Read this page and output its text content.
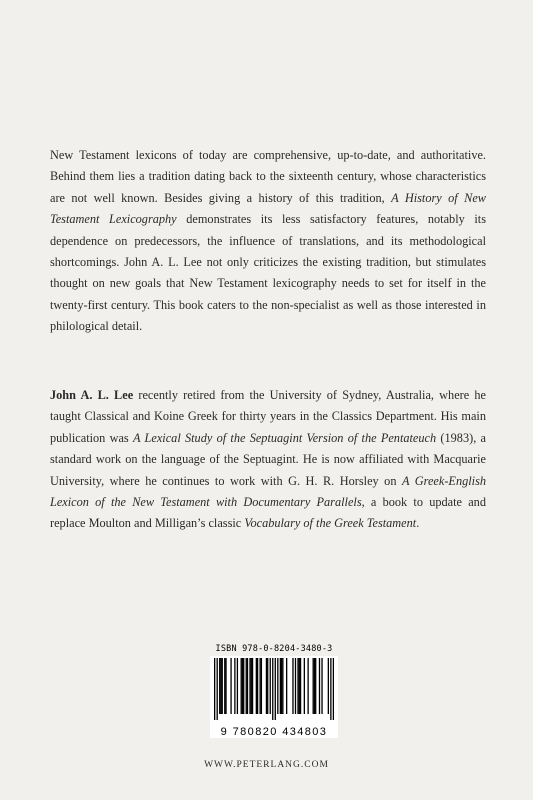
New Testament lexicons of today are comprehensive, up-to-date, and authoritative. Behind them lies a tradition dating back to the sixteenth century, whose characteristics are not well known. Besides giving a history of this tradition, A History of New Testament Lexicography demonstrates its less satisfactory features, notably its dependence on predecessors, the influence of translations, and its methodological shortcomings. John A. L. Lee not only criticizes the existing tradition, but stimulates thought on new goals that New Testament lexicography needs to set for itself in the twenty-first century. This book caters to the non-specialist as well as those interested in philological detail.

John A. L. Lee recently retired from the University of Sydney, Australia, where he taught Classical and Koine Greek for thirty years in the Classics Department. His main publication was A Lexical Study of the Septuagint Version of the Pentateuch (1983), a standard work on the language of the Septuagint. He is now affiliated with Macquarie University, where he continues to work with G. H. R. Horsley on A Greek-English Lexicon of the New Testament with Documentary Parallels, a book to update and replace Moulton and Milligan’s classic Vocabulary of the Greek Testament.

ISBN 978-0-8204-3480-3
9 780820 434803
WWW.PETERLANG.COM
